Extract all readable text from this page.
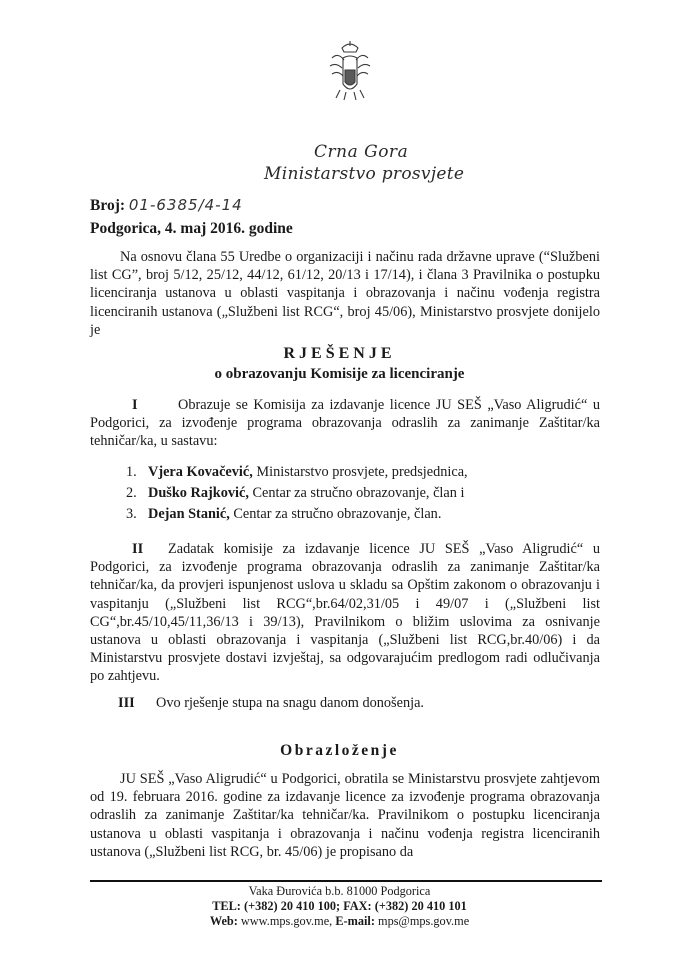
Crna Gora
Ministarstvo prosvjete
Broj: 01-6385/4-14
Podgorica, 4. maj 2016. godine
Na osnovu člana 55 Uredbe o organizaciji i načinu rada državne uprave (“Službeni list CG”, broj 5/12, 25/12, 44/12, 61/12, 20/13 i 17/14), i člana 3 Pravilnika o postupku licenciranja ustanova u oblasti vaspitanja i obrazovanja i načinu vođenja registra licenciranih ustanova („Službeni list RCG“, broj 45/06), Ministarstvo prosvjete donijelo je
RJEŠENJE
o obrazovanju Komisije za licenciranje
I	Obrazuje se Komisija za izdavanje licence JU SEŠ „Vaso Aligrudić“ u Podgorici, za izvođenje programa obrazovanja odraslih za zanimanje Zaštitar/ka tehničar/ka, u sastavu:
1. Vjera Kovačević, Ministarstvo prosvjete, predsjednica,
2. Duško Rajković, Centar za stručno obrazovanje, član i
3. Dejan Stanić, Centar za stručno obrazovanje, član.
II Zadatak komisije za izdavanje licence JU SEŠ „Vaso Aligrudić“ u Podgorici, za izvođenje programa obrazovanja odraslih za zanimanje Zaštitar/ka tehničar/ka, da provjeri ispunjenost uslova u skladu sa Opštim zakonom o obrazovanju i vaspitanju („Službeni list RCG“,br.64/02,31/05 i 49/07 i („Službeni list CG“,br.45/10,45/11,36/13 i 39/13), Pravilnikom o bližim uslovima za osnivanje ustanova u oblasti obrazovanja i vaspitanja („Službeni list RCG,br.40/06) i da Ministarstvu prosvjete dostavi izvještaj, sa odgovarajućim predlogom radi odlučivanja po zahtjevu.
III Ovo rješenje stupa na snagu danom donošenja.
Obrazloženje
JU SEŠ „Vaso Aligrudić“ u Podgorici, obratila se Ministarstvu prosvjete zahtjevom od 19. februara 2016. godine za izdavanje licence za izvođenje programa obrazovanja odraslih za zanimanje Zaštitar/ka tehničar/ka. Pravilnikom o postupku licenciranja ustanova u oblasti vaspitanja i obrazovanja i načinu vođenja registra licenciranih ustanova („Službeni list RCG, br. 45/06) je propisano da
Vaka Đurovića b.b. 81000 Podgorica
TEL: (+382) 20 410 100; FAX: (+382) 20 410 101
Web: www.mps.gov.me, E-mail: mps@mps.gov.me
